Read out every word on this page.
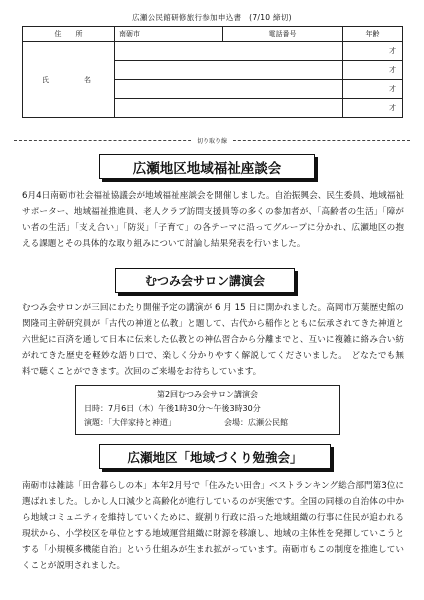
広瀬公民館研修旅行参加申込書　(7/10 締切)
住　　所	南砺市	電話番号	年齢
氏　名			才
			才
			才
			才
切り取り線
広瀬地区地域福祉座談会

6月4日南砺市社会福祉協議会が地域福祉座談会を開催しました。自治振興会、民生委員、地域福祉サポーター、地域福祉推進員、老人クラブ訪問支援員等の多くの参加者が、「高齢者の生活」「障がい者の生活」「支え合い」「防災」「子育て」の各テーマに沿ってグループに分かれ、広瀬地区の抱える課題とその具体的な取り組みについて討論し結果発表を行いました。

むつみ会サロン講演会

むつみ会サロンが三回にわたり開催予定の講演が 6 月 15 日に開かれました。高岡市万葉歴史館の関隆司主幹研究員が「古代の神道と仏教」と題して、古代から稲作とともに伝承されてきた神道と六世紀に百済を通して日本に伝来した仏教との神仏習合から分離までと、互いに複雑に絡み合い紡がれてきた歴史を軽妙な語り口で、楽しく分かりやすく解説してくださいました。　どなたでも無料で聴くことができます。次回のご来場をお待ちしています。

第2回むつみ会サロン講演会
日時：7月6日（木）午後1時30分～午後3時30分
演題：「大伴家持と神道」	会場：広瀬公民館
広瀬地区「地域づくり勉強会」

南砺市は雑誌「田舎暮らしの本」本年2月号で「住みたい田舎」ベストランキング総合部門第3位に選ばれました。しかし人口減少と高齢化が進行しているのが実態です。全国の同様の自治体の中から地域コミュニティを維持していくために、縦割り行政に沿った地域組織の行事に住民が追われる現状から、小学校区を単位とする地域運営組織に財源を移譲し、地域の主体性を発揮していこうとする「小規模多機能自治」という仕組みが生まれ拡がっています。南砺市もこの制度を推進していくことが説明されました。
